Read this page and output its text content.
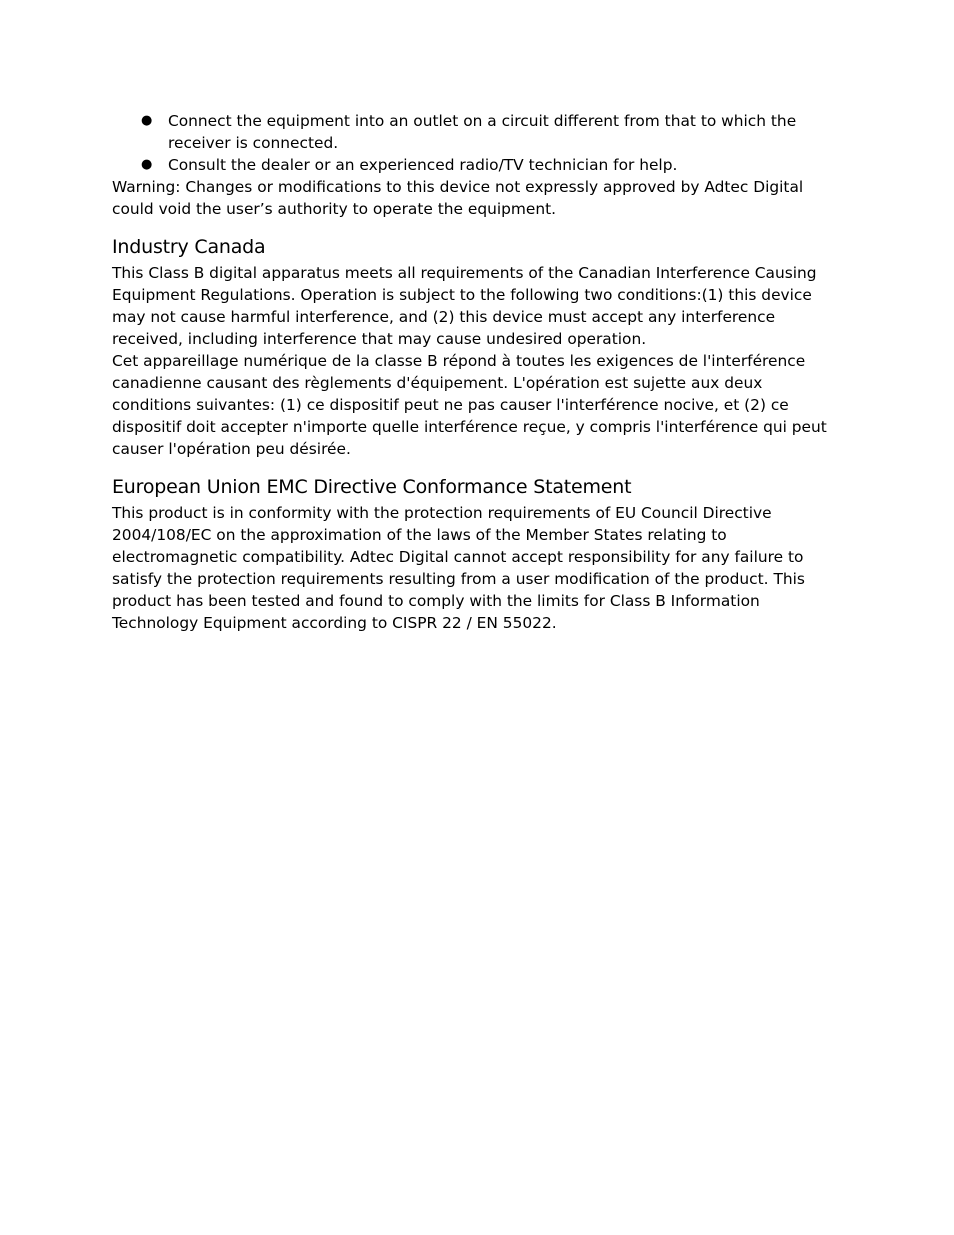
● Connect the equipment into an outlet on a circuit different from that to which the receiver is connected.
● Consult the dealer or an experienced radio/TV technician for help.

Warning: Changes or modifications to this device not expressly approved by Adtec Digital could void the user’s authority to operate the equipment.

Industry Canada

This Class B digital apparatus meets all requirements of the Canadian Interference Causing Equipment Regulations. Operation is subject to the following two conditions:(1) this device may not cause harmful interference, and (2) this device must accept any interference received, including interference that may cause undesired operation.

Cet appareillage numérique de la classe B répond à toutes les exigences de l'interférence canadienne causant des règlements d'équipement. L'opération est sujette aux deux conditions suivantes: (1) ce dispositif peut ne pas causer l'interférence nocive, et (2) ce dispositif doit accepter n'importe quelle interférence reçue, y compris l'interférence qui peut causer l'opération peu désirée.

European Union EMC Directive Conformance Statement

This product is in conformity with the protection requirements of EU Council Directive 2004/108/EC on the approximation of the laws of the Member States relating to electromagnetic compatibility. Adtec Digital cannot accept responsibility for any failure to satisfy the protection requirements resulting from a user modification of the product. This product has been tested and found to comply with the limits for Class B Information Technology Equipment according to CISPR 22 / EN 55022.
